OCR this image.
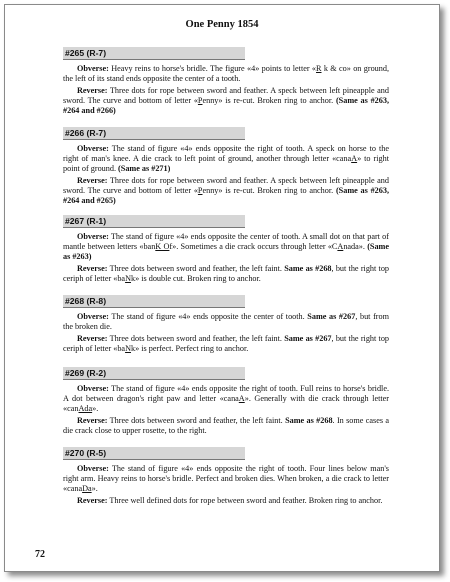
One Penny 1854
#265 (R-7)

Obverse: Heavy reins to horse's bridle. The figure «4» points to letter «R k & co» on ground, the left of its stand ends opposite the center of a tooth.

Reverse: Three dots for rope between sword and feather. A speck between left pineapple and sword. The curve and bottom of letter «Penny» is re-cut. Broken ring to anchor. (Same as #263, #264 and #266)

#266 (R-7)

Obverse: The stand of figure «4» ends opposite the right of tooth. A speck on horse to the right of man's knee. A die crack to left point of ground, another through letter «canaA» to right point of ground. (Same as #271)

Reverse: Three dots for rope between sword and feather. A speck between left pineapple and sword. The curve and bottom of letter «Penny» is re-cut. Broken ring to anchor. (Same as #263, #264 and #265)

#267 (R-1)

Obverse: The stand of figure «4» ends opposite the center of tooth. A small dot on that part of mantle between letters «banK Of». Sometimes a die crack occurs through letter «CAnada». (Same as #263)

Reverse: Three dots between sword and feather, the left faint. Same as #268, but the right top ceriph of letter «baNk» is double cut. Broken ring to anchor.

#268 (R-8)

Obverse: The stand of figure «4» ends opposite the center of tooth. Same as #267, but from the broken die.

Reverse: Three dots between sword and feather, the left faint. Same as #267, but the right top ceriph of letter «baNk» is perfect. Perfect ring to anchor.

#269 (R-2)

Obverse: The stand of figure «4» ends opposite the right of tooth. Full reins to horse's bridle. A dot between dragon's right paw and letter «canaA». Generally with die crack through letter «canAda».

Reverse: Three dots between sword and feather, the left faint. Same as #268. In some cases a die crack close to upper rosette, to the right.

#270 (R-5)

Obverse: The stand of figure «4» ends opposite the right of tooth. Four lines below man's right arm. Heavy reins to horse's bridle. Perfect and broken dies. When broken, a die crack to letter «canaDa».

Reverse: Three well defined dots for rope between sword and feather. Broken ring to anchor.

72
